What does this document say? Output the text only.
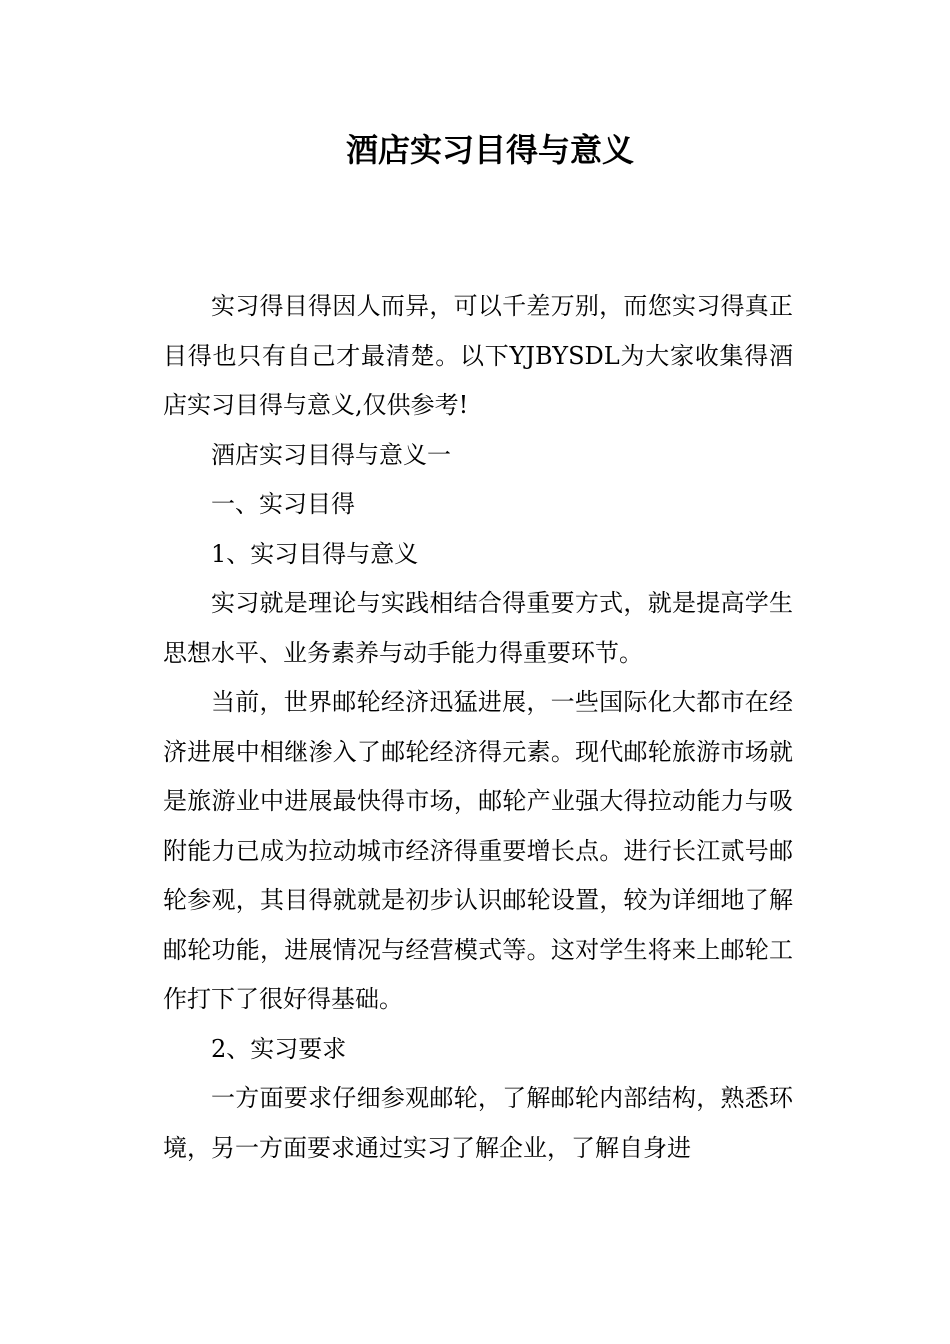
酒店实习目得与意义

实习得目得因人而异，可以千差万别，而您实习得真正目得也只有自己才最清楚。以下YJBYSDL为大家收集得酒店实习目得与意义,仅供参考!

酒店实习目得与意义一

一、实习目得

1、实习目得与意义

实习就是理论与实践相结合得重要方式，就是提高学生思想水平、业务素养与动手能力得重要环节。

当前，世界邮轮经济迅猛进展，一些国际化大都市在经济进展中相继渗入了邮轮经济得元素。现代邮轮旅游市场就是旅游业中进展最快得市场，邮轮产业强大得拉动能力与吸附能力已成为拉动城市经济得重要增长点。进行长江贰号邮轮参观，其目得就就是初步认识邮轮设置，较为详细地了解邮轮功能，进展情况与经营模式等。这对学生将来上邮轮工作打下了很好得基础。

2、实习要求

一方面要求仔细参观邮轮，了解邮轮内部结构，熟悉环境，另一方面要求通过实习了解企业，了解自身进
